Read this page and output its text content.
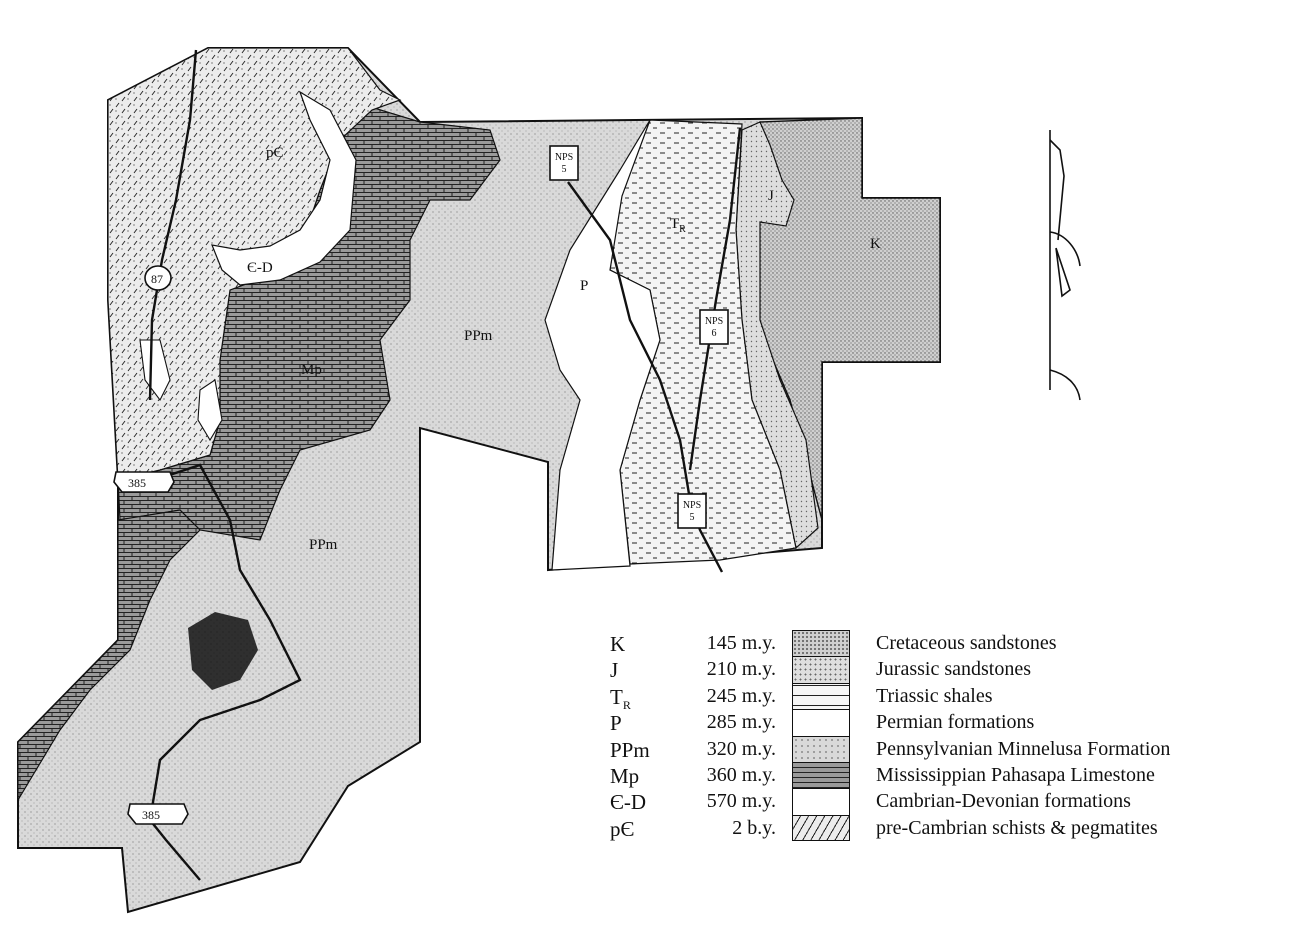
K
J
$T_R$
P
PPm
PPm
Mp
Є-D
pЄ
385
385
87
NPS 5
NPS 6
NPS 5
K	145 m.y.	Cretaceous sandstones
J	210 m.y.	Jurassic sandstones
$T_R$	245 m.y.	Triassic shales
P	285 m.y.	Permian formations
PPm	320 m.y.	Pennsylvanian Minnelusa Formation
Mp	360 m.y.	Mississippian Pahasapa Limestone
Є-D	570 m.y.	Cambrian-Devonian formations
pЄ	2 b.y.	pre-Cambrian schists & pegmatites
